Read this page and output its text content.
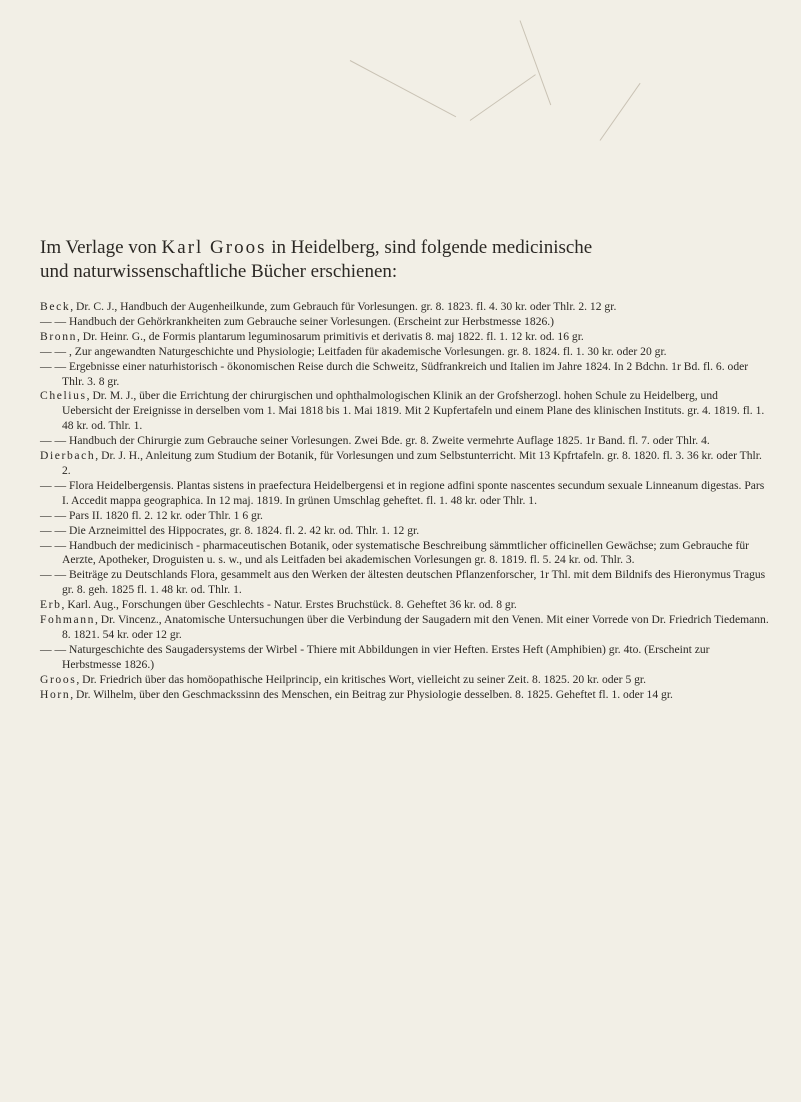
Im Verlage von Karl Groos in Heidelberg, sind folgende medicinische
und naturwissenschaftliche Bücher erschienen:
Beck, Dr. C. J., Handbuch der Augenheilkunde, zum Gebrauch für Vorlesungen. gr. 8. 1823. fl. 4. 30 kr. oder Thlr. 2. 12 gr.
— — Handbuch der Gehörkrankheiten zum Gebrauche seiner Vorlesungen. (Erscheint zur Herbstmesse 1826.)
Bronn, Dr. Heinr. G., de Formis plantarum leguminosarum primitivis et derivatis 8. maj 1822. fl. 1. 12 kr. od. 16 gr.
— — , Zur angewandten Naturgeschichte und Physiologie; Leitfaden für akademische Vorlesungen. gr. 8. 1824. fl. 1. 30 kr. oder 20 gr.
— — Ergebnisse einer naturhistorisch - ökonomischen Reise durch die Schweitz, Südfrankreich und Italien im Jahre 1824. In 2 Bdchn. 1r Bd. fl. 6. oder Thlr. 3. 8 gr.
Chelius, Dr. M. J., über die Errichtung der chirurgischen und ophthalmologischen Klinik an der Grofsherzogl. hohen Schule zu Heidelberg, und Uebersicht der Ereignisse in derselben vom 1. Mai 1818 bis 1. Mai 1819. Mit 2 Kupfertafeln und einem Plane des klinischen Instituts. gr. 4. 1819. fl. 1. 48 kr. od. Thlr. 1.
— — Handbuch der Chirurgie zum Gebrauche seiner Vorlesungen. Zwei Bde. gr. 8. Zweite vermehrte Auflage 1825. 1r Band. fl. 7. oder Thlr. 4.
Dierbach, Dr. J. H., Anleitung zum Studium der Botanik, für Vorlesungen und zum Selbstunterricht. Mit 13 Kpfrtafeln. gr. 8. 1820. fl. 3. 36 kr. oder Thlr. 2.
— — Flora Heidelbergensis. Plantas sistens in praefectura Heidelbergensi et in regione adfini sponte nascentes secundum sexuale Linneanum digestas. Pars I. Accedit mappa geographica. In 12 maj. 1819. In grünen Umschlag geheftet. fl. 1. 48 kr. oder Thlr. 1.
— — Pars II. 1820 fl. 2. 12 kr. oder Thlr. 1 6 gr.
— — Die Arzneimittel des Hippocrates, gr. 8. 1824. fl. 2. 42 kr. od. Thlr. 1. 12 gr.
— — Handbuch der medicinisch - pharmaceutischen Botanik, oder systematische Beschreibung sämmtlicher officinellen Gewächse; zum Gebrauche für Aerzte, Apotheker, Droguisten u. s. w., und als Leitfaden bei akademischen Vorlesungen gr. 8. 1819. fl. 5. 24 kr. od. Thlr. 3.
— — Beiträge zu Deutschlands Flora, gesammelt aus den Werken der ältesten deutschen Pflanzenforscher, 1r Thl. mit dem Bildnifs des Hieronymus Tragus gr. 8. geh. 1825 fl. 1. 48 kr. od. Thlr. 1.
Erb, Karl. Aug., Forschungen über Geschlechts - Natur. Erstes Bruchstück. 8. Geheftet 36 kr. od. 8 gr.
Fohmann, Dr. Vincenz., Anatomische Untersuchungen über die Verbindung der Saugadern mit den Venen. Mit einer Vorrede von Dr. Friedrich Tiedemann. 8. 1821. 54 kr. oder 12 gr.
— — Naturgeschichte des Saugadersystems der Wirbel - Thiere mit Abbildungen in vier Heften. Erstes Heft (Amphibien) gr. 4to. (Erscheint zur Herbstmesse 1826.)
Groos, Dr. Friedrich über das homöopathische Heilprincip, ein kritisches Wort, vielleicht zu seiner Zeit. 8. 1825. 20 kr. oder 5 gr.
Horn, Dr. Wilhelm, über den Geschmackssinn des Menschen, ein Beitrag zur Physiologie desselben. 8. 1825. Geheftet fl. 1. oder 14 gr.
